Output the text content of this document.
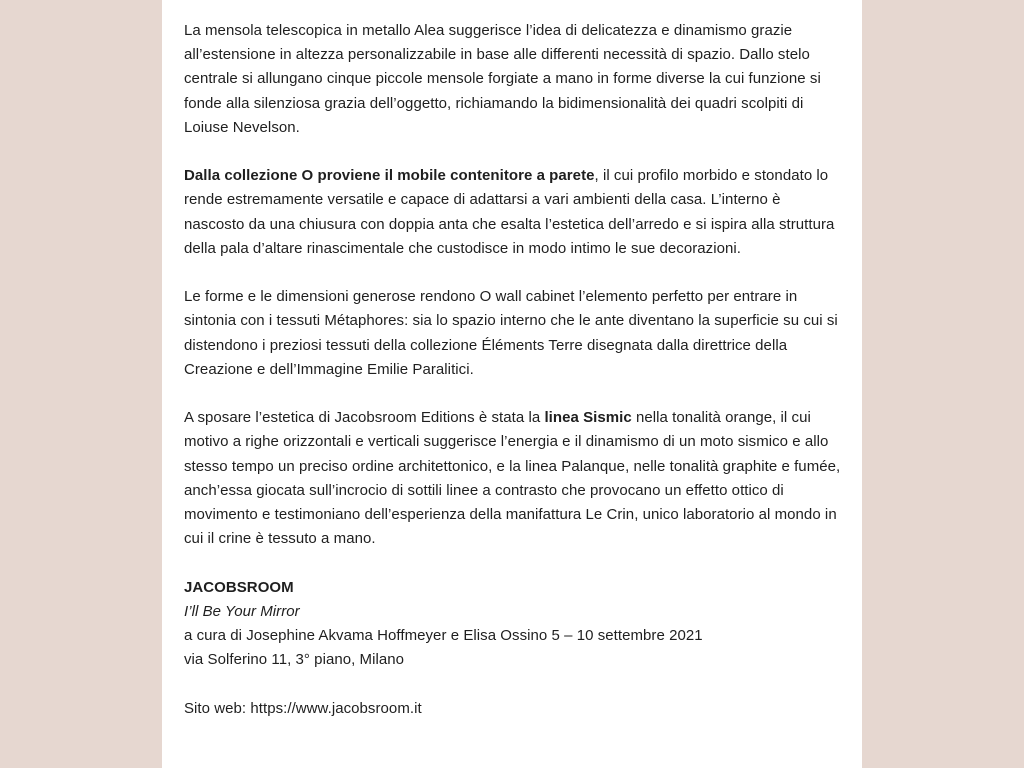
La mensola telescopica in metallo Alea suggerisce l’idea di delicatezza e dinamismo grazie all’estensione in altezza personalizzabile in base alle differenti necessità di spazio. Dallo stelo centrale si allungano cinque piccole mensole forgiate a mano in forme diverse la cui funzione si fonde alla silenziosa grazia dell’oggetto, richiamando la bidimensionalità dei quadri scolpiti di Loiuse Nevelson.

Dalla collezione O proviene il mobile contenitore a parete, il cui profilo morbido e stondato lo rende estremamente versatile e capace di adattarsi a vari ambienti della casa. L’interno è nascosto da una chiusura con doppia anta che esalta l’estetica dell’arredo e si ispira alla struttura della pala d’altare rinascimentale che custodisce in modo intimo le sue decorazioni.

Le forme e le dimensioni generose rendono O wall cabinet l’elemento perfetto per entrare in sintonia con i tessuti Métaphores: sia lo spazio interno che le ante diventano la superficie su cui si distendono i preziosi tessuti della collezione Éléments Terre disegnata dalla direttrice della Creazione e dell’Immagine Emilie Paralitici.

A sposare l’estetica di Jacobsroom Editions è stata la linea Sismic nella tonalità orange, il cui motivo a righe orizzontali e verticali suggerisce l’energia e il dinamismo di un moto sismico e allo stesso tempo un preciso ordine architettonico, e la linea Palanque, nelle tonalità graphite e fumée, anch’essa giocata sull’incrocio di sottili linee a contrasto che provocano un effetto ottico di movimento e testimoniano dell’esperienza della manifattura Le Crin, unico laboratorio al mondo in cui il crine è tessuto a mano.

JACOBSROOM
I’ll Be Your Mirror
a cura di Josephine Akvama Hoffmeyer e Elisa Ossino 5 – 10 settembre 2021
via Solferino 11, 3° piano, Milano

Sito web: https://www.jacobsroom.it
